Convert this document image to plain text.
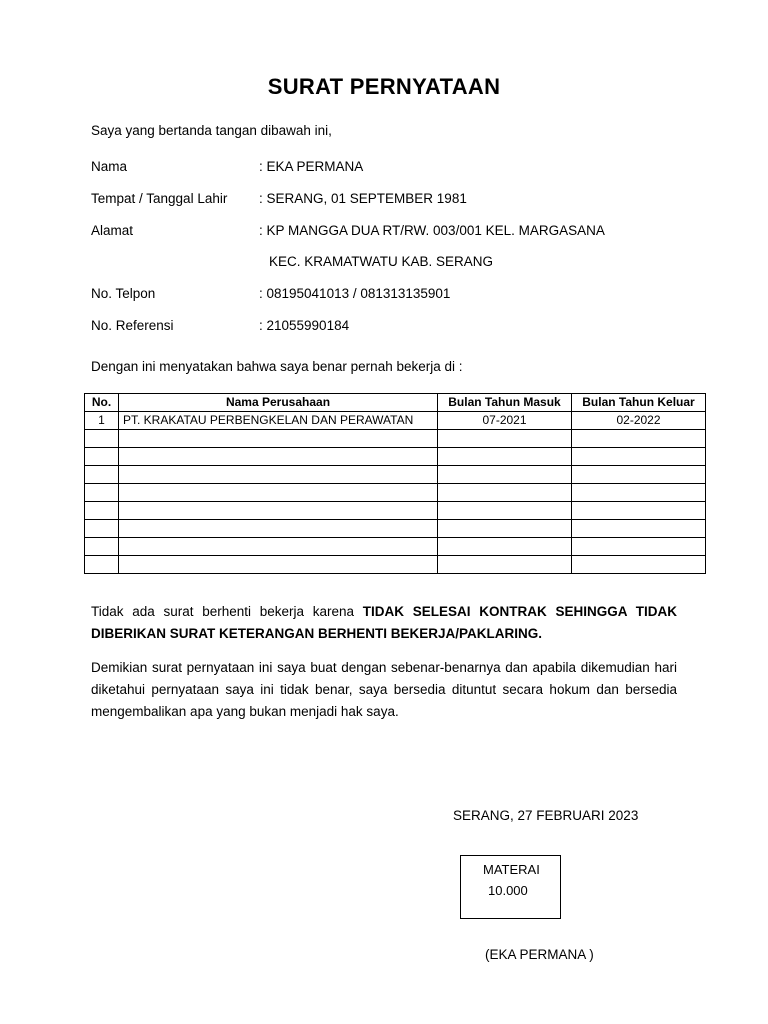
SURAT PERNYATAAN
Saya yang bertanda tangan dibawah ini,
Nama	: EKA PERMANA
Tempat / Tanggal Lahir : SERANG, 01 SEPTEMBER 1981
Alamat	: KP MANGGA DUA RT/RW. 003/001 KEL. MARGASANA
KEC. KRAMATWATU KAB. SERANG
No. Telpon	: 08195041013 / 081313135901
No. Referensi	: 21055990184
Dengan ini menyatakan bahwa saya benar pernah bekerja di :
No.	Nama Perusahaan	Bulan Tahun Masuk	Bulan Tahun Keluar
1	PT. KRAKATAU PERBENGKELAN DAN PERAWATAN	07-2021	02-2022

Tidak ada surat berhenti bekerja karena TIDAK SELESAI KONTRAK SEHINGGA TIDAK DIBERIKAN SURAT KETERANGAN BERHENTI BEKERJA/PAKLARING.
Demikian surat pernyataan ini saya buat dengan sebenar-benarnya dan apabila dikemudian hari diketahui pernyataan saya ini tidak benar, saya bersedia dituntut secara hokum dan bersedia mengembalikan apa yang bukan menjadi hak saya.
SERANG, 27 FEBRUARI 2023
MATERAI
10.000
(EKA PERMANA )
